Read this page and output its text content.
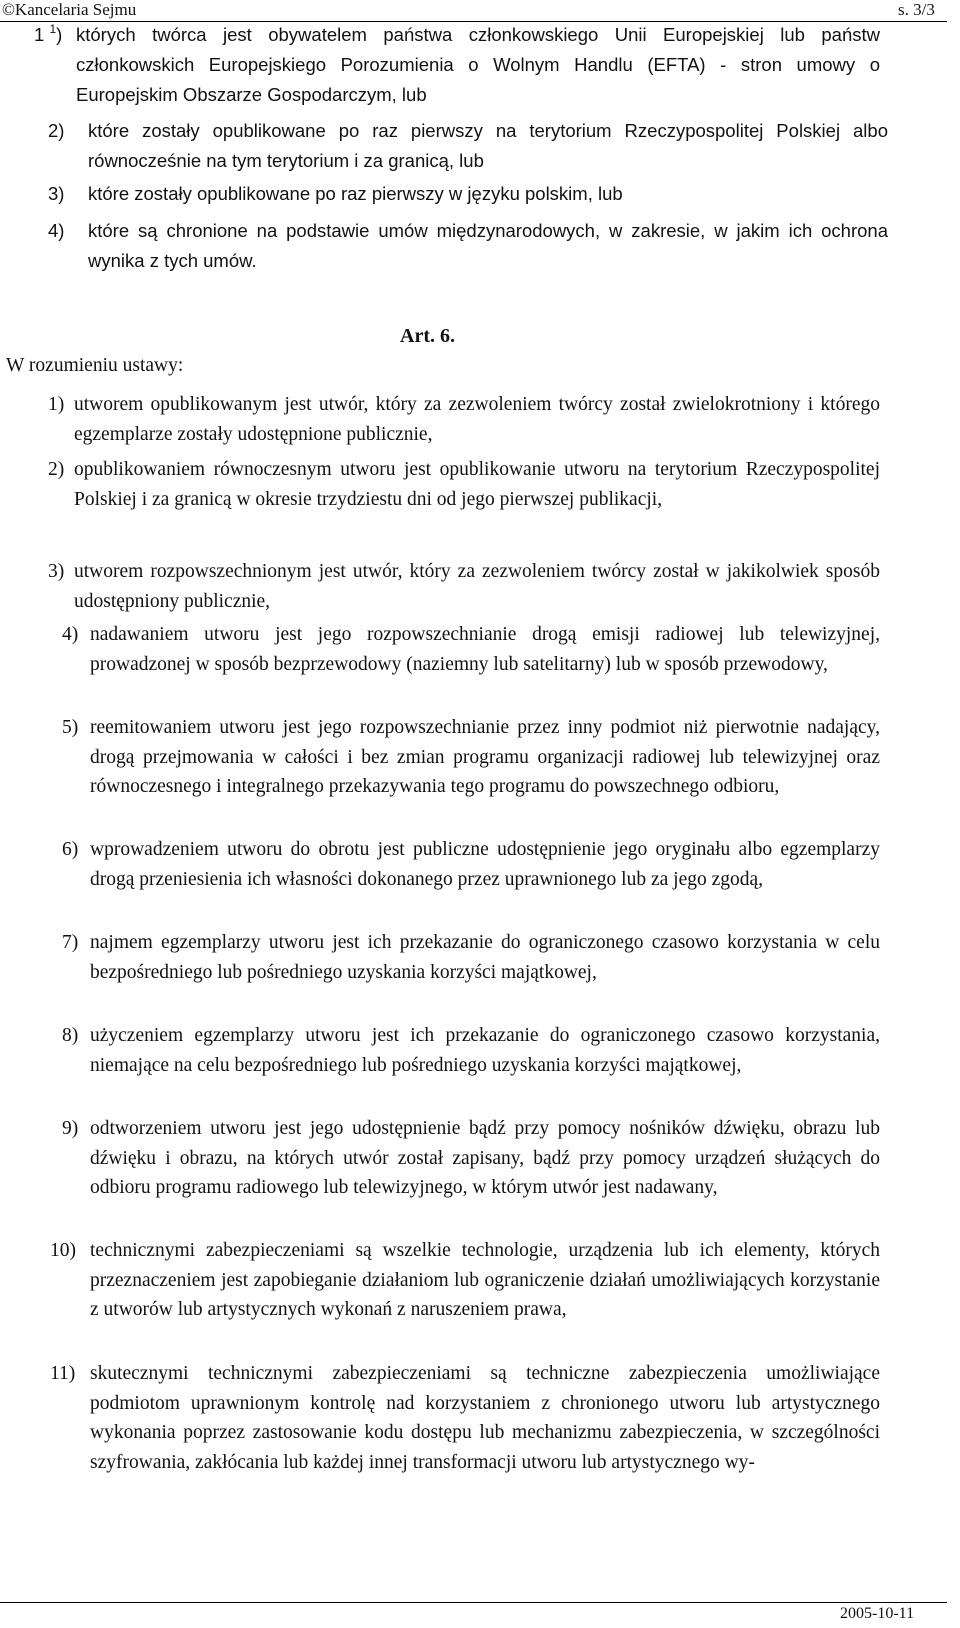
©Kancelaria Sejmu	s. 3/3
1 $^1$) których twórca jest obywatelem państwa członkowskiego Unii Europejskiej lub państw członkowskich Europejskiego Porozumienia o Wolnym Handlu (EFTA) - stron umowy o Europejskim Obszarze Gospodarczym, lub
2) które zostały opublikowane po raz pierwszy na terytorium Rzeczypospolitej Polskiej albo równocześnie na tym terytorium i za granicą, lub
3) które zostały opublikowane po raz pierwszy w języku polskim, lub
4) które są chronione na podstawie umów międzynarodowych, w zakresie, w jakim ich ochrona wynika z tych umów.
Art. 6.
W rozumieniu ustawy:
1) utworem opublikowanym jest utwór, który za zezwoleniem twórcy został zwielokrotniony i którego egzemplarze zostały udostępnione publicznie,
2) opublikowaniem równoczesnym utworu jest opublikowanie utworu na terytorium Rzeczypospolitej Polskiej i za granicą w okresie trzydziestu dni od jego pierwszej publikacji,
3) utworem rozpowszechnionym jest utwór, który za zezwoleniem twórcy został w jakikolwiek sposób udostępniony publicznie,
4) nadawaniem utworu jest jego rozpowszechnianie drogą emisji radiowej lub telewizyjnej, prowadzonej w sposób bezprzewodowy (naziemny lub satelitarny) lub w sposób przewodowy,
5) reemitowaniem utworu jest jego rozpowszechnianie przez inny podmiot niż pierwotnie nadający, drogą przejmowania w całości i bez zmian programu organizacji radiowej lub telewizyjnej oraz równoczesnego i integralnego przekazywania tego programu do powszechnego odbioru,
6) wprowadzeniem utworu do obrotu jest publiczne udostępnienie jego oryginału albo egzemplarzy drogą przeniesienia ich własności dokonanego przez uprawnionego lub za jego zgodą,
7) najmem egzemplarzy utworu jest ich przekazanie do ograniczonego czasowo korzystania w celu bezpośredniego lub pośredniego uzyskania korzyści majątkowej,
8) użyczeniem egzemplarzy utworu jest ich przekazanie do ograniczonego czasowo korzystania, niemające na celu bezpośredniego lub pośredniego uzyskania korzyści majątkowej,
9) odtworzeniem utworu jest jego udostępnienie bądź przy pomocy nośników dźwięku, obrazu lub dźwięku i obrazu, na których utwór został zapisany, bądź przy pomocy urządzeń służących do odbioru programu radiowego lub telewizyjnego, w którym utwór jest nadawany,
10) technicznymi zabezpieczeniami są wszelkie technologie, urządzenia lub ich elementy, których przeznaczeniem jest zapobieganie działaniom lub ograniczenie działań umożliwiających korzystanie z utworów lub artystycznych wykonań z naruszeniem prawa,
11) skutecznymi technicznymi zabezpieczeniami są techniczne zabezpieczenia umożliwiające podmiotom uprawnionym kontrolę nad korzystaniem z chronionego utworu lub artystycznego wykonania poprzez zastosowanie kodu dostępu lub mechanizmu zabezpieczenia, w szczególności szyfrowania, zakłócania lub każdej innej transformacji utworu lub artystycznego wy-
2005-10-11
